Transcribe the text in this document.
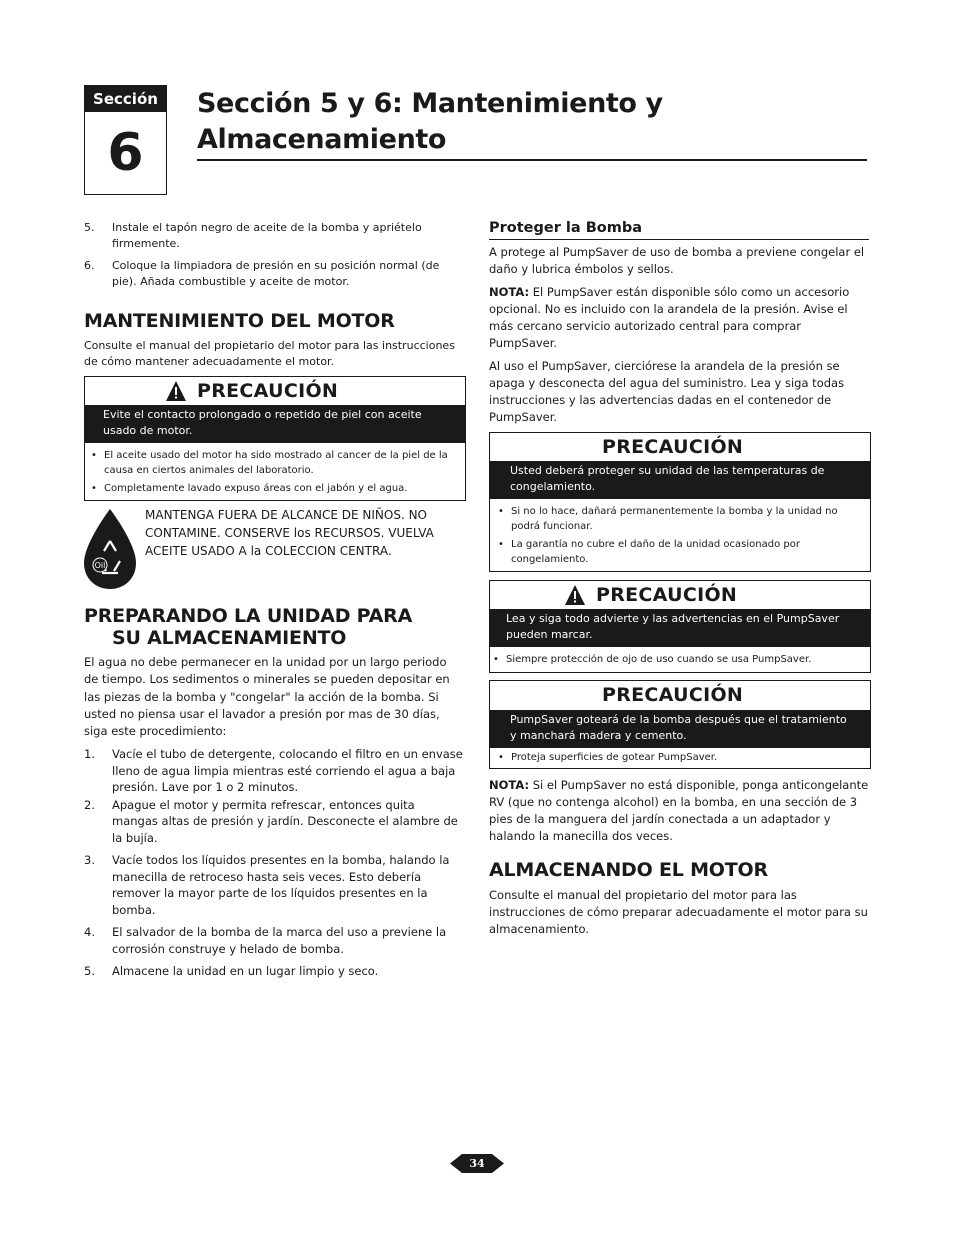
Sección
6
Sección 5 y 6: Mantenimiento y Almacenamiento
5. Instale el tapón negro de aceite de la bomba y apriételo firmemente.
6. Coloque la limpiadora de presión en su posición normal (de pie). Añada combustible y aceite de motor.
MANTENIMIENTO DEL MOTOR

Consulte el manual del propietario del motor para las instrucciones de cómo mantener adecuadamente el motor.

PRECAUCIÓN
Evite el contacto prolongado o repetido de piel con aceite usado de motor.
• El aceite usado del motor ha sido mostrado al cancer de la piel de la causa en ciertos animales del laboratorio.
• Completamente lavado expuso áreas con el jabón y el agua.
Oil
MANTENGA FUERA DE ALCANCE DE NIÑOS. NO CONTAMINE. CONSERVE los RECURSOS. VUELVA ACEITE USADO A la COLECCION CENTRA.
PREPARANDO LA UNIDAD PARA
SU ALMACENAMIENTO

El agua no debe permanecer en la unidad por un largo periodo de tiempo. Los sedimentos o minerales se pueden depositar en las piezas de la bomba y "congelar" la acción de la bomba. Si usted no piensa usar el lavador a presión por mas de 30 días, siga este procedimiento:

1. Vacíe el tubo de detergente, colocando el filtro en un envase lleno de agua limpia mientras esté corriendo el agua a baja presión. Lave por 1 o 2 minutos.
2. Apague el motor y permita refrescar, entonces quita mangas altas de presión y jardín. Desconecte el alambre de la bujía.
3. Vacíe todos los líquidos presentes en la bomba, halando la manecilla de retroceso hasta seis veces. Esto debería remover la mayor parte de los líquidos presentes en la bomba.
4. El salvador de la bomba de la marca del uso a previene la corrosión construye y helado de bomba.
5. Almacene la unidad en un lugar limpio y seco.
Proteger la Bomba

A protege al PumpSaver de uso de bomba a previene congelar el daño y lubrica émbolos y sellos.

NOTA: El PumpSaver están disponible sólo como un accesorio opcional. No es incluido con la arandela de la presión. Avise el más cercano servicio autorizado central para comprar PumpSaver.

Al uso el PumpSaver, ciercióresе la arandela de la presión se apaga y desconecta del agua del suministro. Lea y siga todas instrucciones y las advertencias dadas en el contenedor de PumpSaver.

PRECAUCIÓN
Usted deberá proteger su unidad de las temperaturas de congelamiento.
• Si no lo hace, dañará permanentemente la bomba y la unidad no podrá funcionar.
• La garantía no cubre el daño de la unidad ocasionado por congelamiento.
PRECAUCIÓN
Lea y siga todo advierte y las advertencias en el PumpSaver pueden marcar.
• Siempre protección de ojo de uso cuando se usa PumpSaver.
PRECAUCIÓN
PumpSaver goteará de la bomba después que el tratamiento y manchará madera y cemento.
• Proteja superficies de gotear PumpSaver.

NOTA: Si el PumpSaver no está disponible, ponga anticongelante RV (que no contenga alcohol) en la bomba, en una sección de 3 pies de la manguera del jardín conectada a un adaptador y halando la manecilla dos veces.

ALMACENANDO EL MOTOR

Consulte el manual del propietario del motor para las instrucciones de cómo preparar adecuadamente el motor para su almacenamiento.

34
